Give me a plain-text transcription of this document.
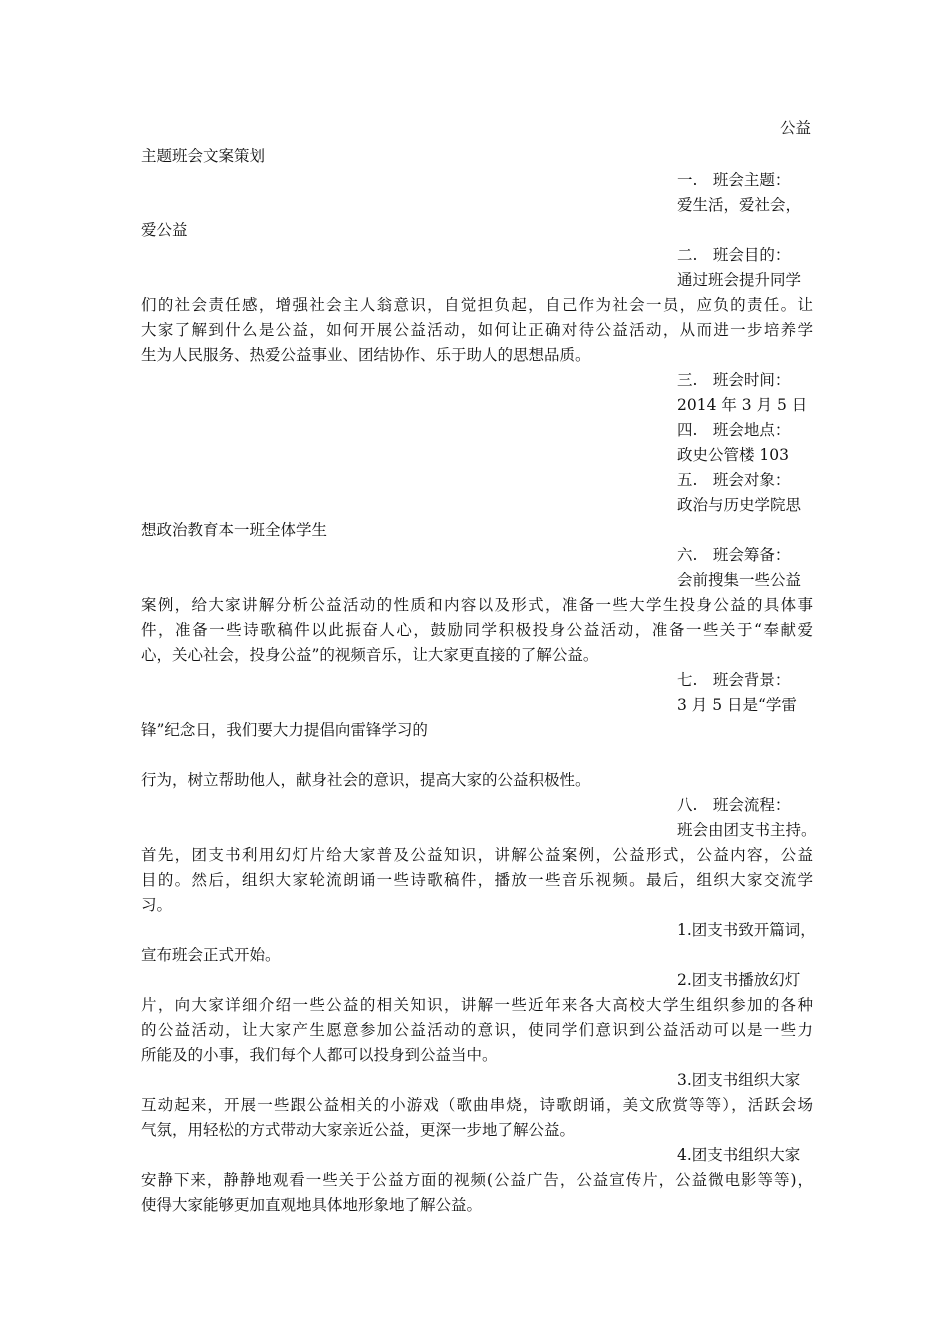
公益
主题班会文案策划
一.　班会主题：
爱生活，爱社会，
爱公益
二.　班会目的：
通过班会提升同学
们的社会责任感，增强社会主人翁意识，自觉担负起，自己作为社会一员，应负的责任。让
大家了解到什么是公益，如何开展公益活动，如何让正确对待公益活动，从而进一步培养学
生为人民服务、热爱公益事业、团结协作、乐于助人的思想品质。
三.　班会时间：
2014 年 3 月 5 日
四.　班会地点：
政史公管楼 103
五.　班会对象：
政治与历史学院思
想政治教育本一班全体学生
六.　班会筹备：
会前搜集一些公益
案例，给大家讲解分析公益活动的性质和内容以及形式，准备一些大学生投身公益的具体事
件，准备一些诗歌稿件以此振奋人心，鼓励同学积极投身公益活动，准备一些关于“奉献爱
心，关心社会，投身公益”的视频音乐，让大家更直接的了解公益。
七.　班会背景：
3 月 5 日是“学雷
锋”纪念日，我们要大力提倡向雷锋学习的
行为，树立帮助他人，献身社会的意识，提高大家的公益积极性。
八.　班会流程：
班会由团支书主持。
首先，团支书利用幻灯片给大家普及公益知识，讲解公益案例，公益形式，公益内容，公益
目的。然后，组织大家轮流朗诵一些诗歌稿件，播放一些音乐视频。最后，组织大家交流学
习。
1.团支书致开篇词，
宣布班会正式开始。
2.团支书播放幻灯
片，向大家详细介绍一些公益的相关知识，讲解一些近年来各大高校大学生组织参加的各种
的公益活动，让大家产生愿意参加公益活动的意识，使同学们意识到公益活动可以是一些力
所能及的小事，我们每个人都可以投身到公益当中。
3.团支书组织大家
互动起来，开展一些跟公益相关的小游戏（歌曲串烧，诗歌朗诵，美文欣赏等等），活跃会场
气氛，用轻松的方式带动大家亲近公益，更深一步地了解公益。
4.团支书组织大家
安静下来，静静地观看一些关于公益方面的视频(公益广告，公益宣传片，公益微电影等等)，
使得大家能够更加直观地具体地形象地了解公益。
